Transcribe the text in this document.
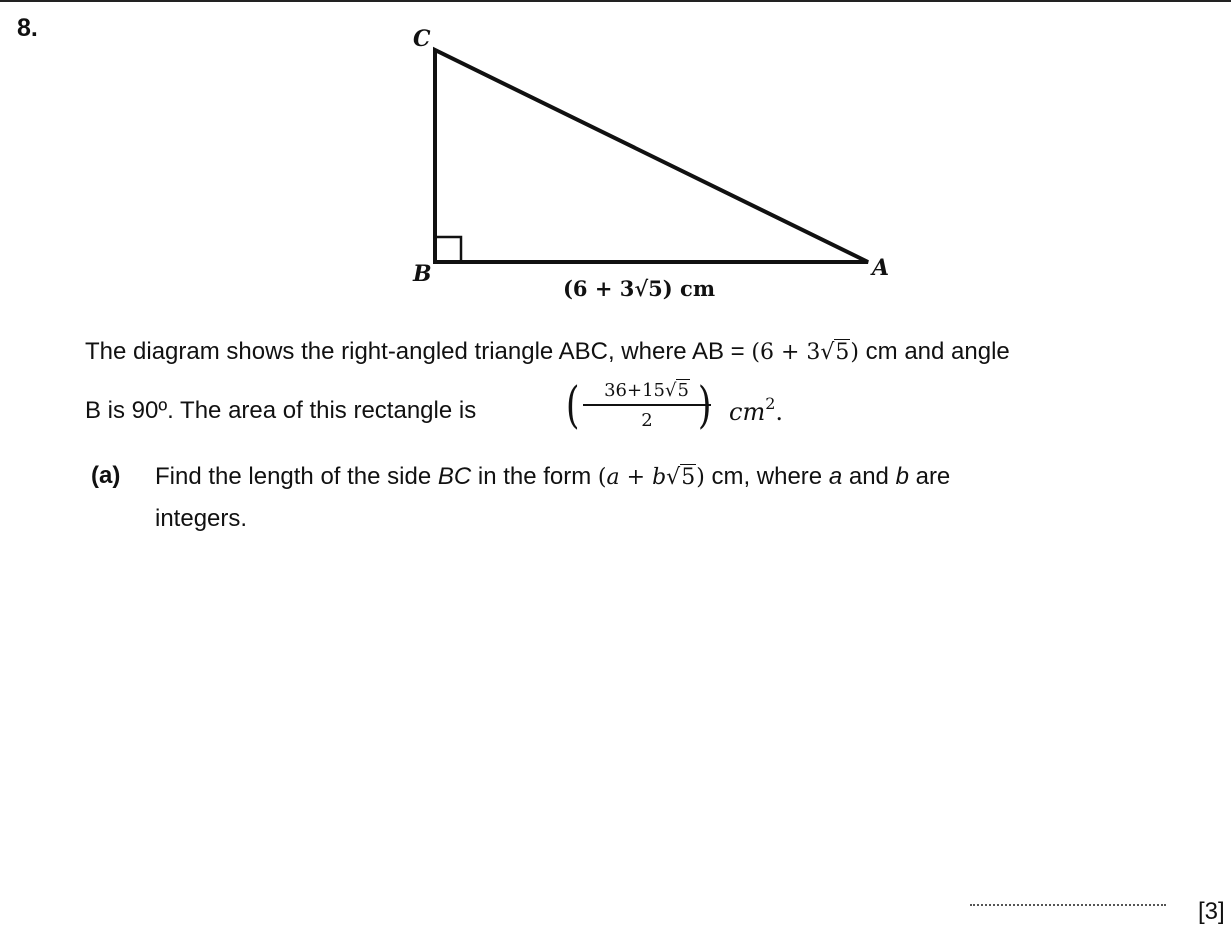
8.	C
B	A
(6 + 3√5) cm
The diagram shows the right-angled triangle ABC, where AB = (6 + 3√5) cm and angle
B is 90º. The area of this rectangle is ( $\frac{36+15√5}{2}$
) $cm^2$.
(a) Find the length of the side BC in the form (a + b√5) cm, where a and b are
integers.
[3]
